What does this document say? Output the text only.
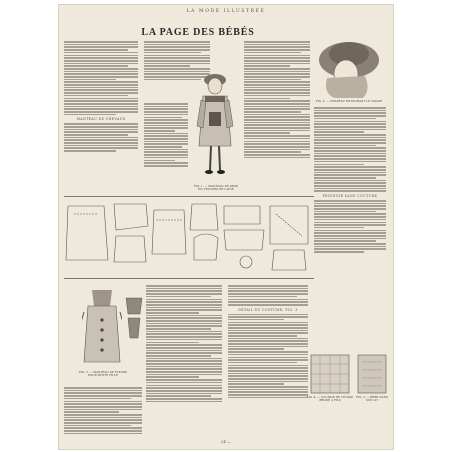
LA MODE ILLUSTRÉE
LA PAGE DES BÉBÉS
MANTEAU DE CHEVAUX
FIG. 1. — MANTEAU DE DRAP
EN VELOURS DE LAINE
FIG. 2. — CHAPEAU ENTOURANT LE VISAGE
PEIGNOIR SANS COUTURE
FIG. 3. — MANTEAU DE FLEURS
POUR PETITE FILLE
DÉTAIL DU COSTUME, FIG. 3
FIG. 4. — COUSSIN DE VOYAGE
BRODÉ À FILS
FIG. 5. — BÉBÉ DANS
SON LIT
24 —
